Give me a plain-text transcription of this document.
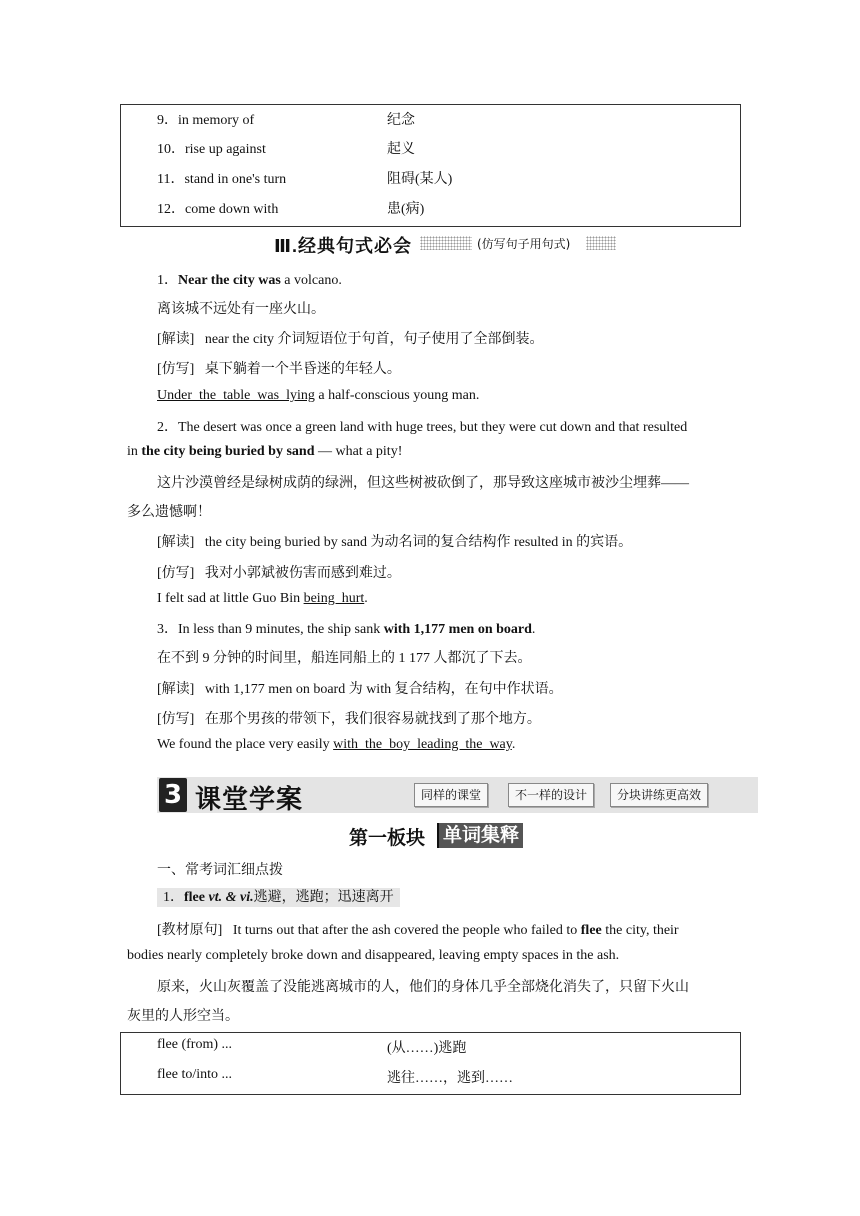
9．in memory of	纪念
10．rise up against	起义
11．stand in one's turn	阻碍(某人)
12．come down with	患(病)
Ⅲ.经典句式必会	(仿写句子用句式)
1．Near the city was a volcano.
离该城不远处有一座火山。
[解读] near the city 介词短语位于句首，句子使用了全部倒装。
[仿写] 桌下躺着一个半昏迷的年轻人。
Under  the  table  was  lying a half-conscious young man.
2．The desert was once a green land with huge trees, but they were cut down and that resulted
in the city being buried by sand — what a pity!
这片沙漠曾经是绿树成荫的绿洲，但这些树被砍倒了，那导致这座城市被沙尘埋葬——
多么遗憾啊！
[解读] the city being buried by sand 为动名词的复合结构作 resulted in 的宾语。
[仿写] 我对小郭斌被伤害而感到难过。
I felt sad at little Guo Bin being  hurt.
3．In less than 9 minutes, the ship sank with 1,177 men on board.
在不到 9 分钟的时间里，船连同船上的 1 177 人都沉了下去。
[解读] with 1,177 men on board 为 with 复合结构，在句中作状语。
[仿写] 在那个男孩的带领下，我们很容易就找到了那个地方。
We found the place very easily with  the  boy  leading  the  way.
3 课堂学案	同样的课堂	不一样的设计	分块讲练更高效
第一板块 单词集释
一、常考词汇细点拨
1．flee vt. & vi.逃避，逃跑；迅速离开
[教材原句] It turns out that after the ash covered the people who failed to flee the city, their
bodies nearly completely broke down and disappeared, leaving empty spaces in the ash.
原来，火山灰覆盖了没能逃离城市的人，他们的身体几乎全部烧化消失了，只留下火山
灰里的人形空当。
flee (from) ...	(从……)逃跑
flee to/into ...	逃往……，逃到……
